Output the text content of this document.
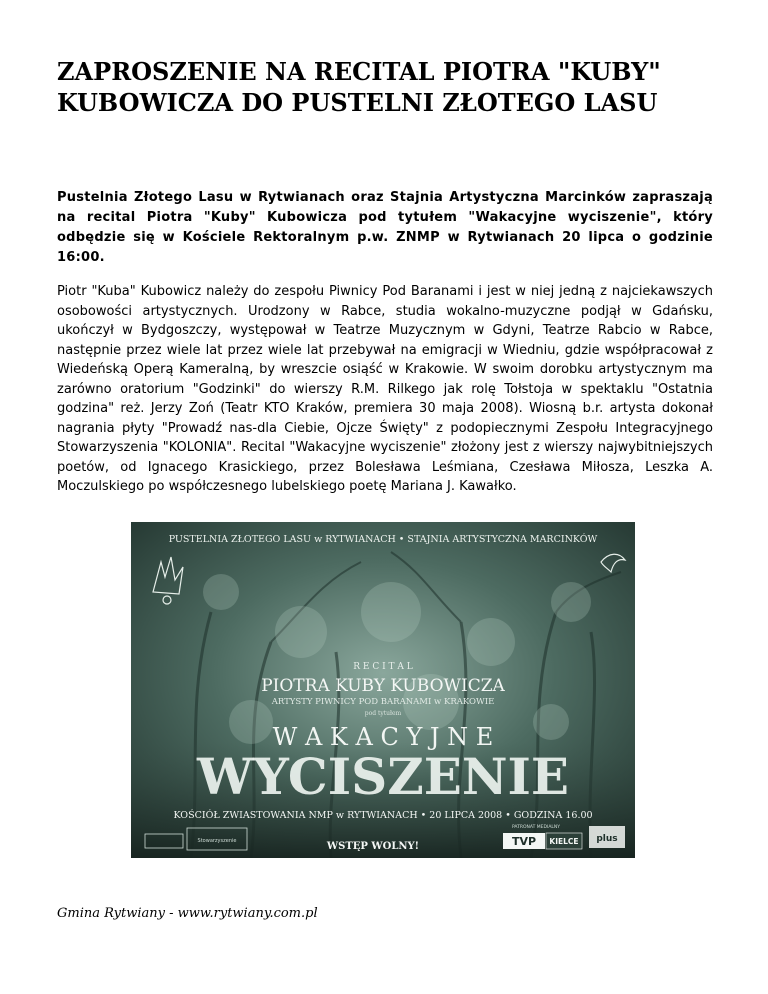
ZAPROSZENIE NA RECITAL PIOTRA "KUBY" KUBOWICZA DO PUSTELNI ZŁOTEGO LASU

Pustelnia Złotego Lasu w Rytwianach oraz Stajnia Artystyczna Marcinków zapraszają na recital Piotra "Kuby" Kubowicza pod tytułem "Wakacyjne wyciszenie", który odbędzie się w Kościele Rektoralnym p.w. ZNMP w Rytwianach 20 lipca o godzinie 16:00.

Piotr "Kuba" Kubowicz należy do zespołu Piwnicy Pod Baranami i jest w niej jedną z najciekawszych osobowości artystycznych. Urodzony w Rabce, studia wokalno-muzyczne podjął w Gdańsku, ukończył w Bydgoszczy, występował w Teatrze Muzycznym w Gdyni, Teatrze Rabcio w Rabce, następnie przez wiele lat przez wiele lat przebywał na emigracji w Wiedniu, gdzie współpracował z Wiedeńską Operą Kameralną, by wreszcie osiąść w Krakowie. W swoim dorobku artystycznym ma zarówno oratorium "Godzinki" do wierszy R.M. Rilkego jak rolę Tołstoja w spektaklu "Ostatnia godzina" reż. Jerzy Zoń (Teatr KTO Kraków, premiera 30 maja 2008). Wiosną b.r. artysta dokonał nagrania płyty "Prowadź nas-dla Ciebie, Ojcze Święty" z podopiecznymi Zespołu Integracyjnego Stowarzyszenia "KOLONIA". Recital "Wakacyjne wyciszenie" złożony jest z wierszy najwybitniejszych poetów, od Ignacego Krasickiego, przez Bolesława Leśmiana, Czesława Miłosza, Leszka A. Moczulskiego po współczesnego lubelskiego poetę Mariana J. Kawałko.

PUSTELNIA ZŁOTEGO LASU w RYTWIANACH • STAJNIA ARTYSTYCZNA MARCINKÓW
R E C I T A L
PIOTRA KUBY KUBOWICZA
ARTYSTY PIWNICY POD BARANAMI w KRAKOWIE
pod tytułem
W A K A C Y J N E
WYCISZENIE
KOŚCIÓŁ ZWIASTOWANIA NMP w RYTWIANACH • 20 LIPCA 2008 • GODZINA 16.00
Stowarzyszenie	WSTĘP WOLNY!
PATRONAT MEDIALNY
TVP KIELCE plus

Gmina Rytwiany - www.rytwiany.com.pl
